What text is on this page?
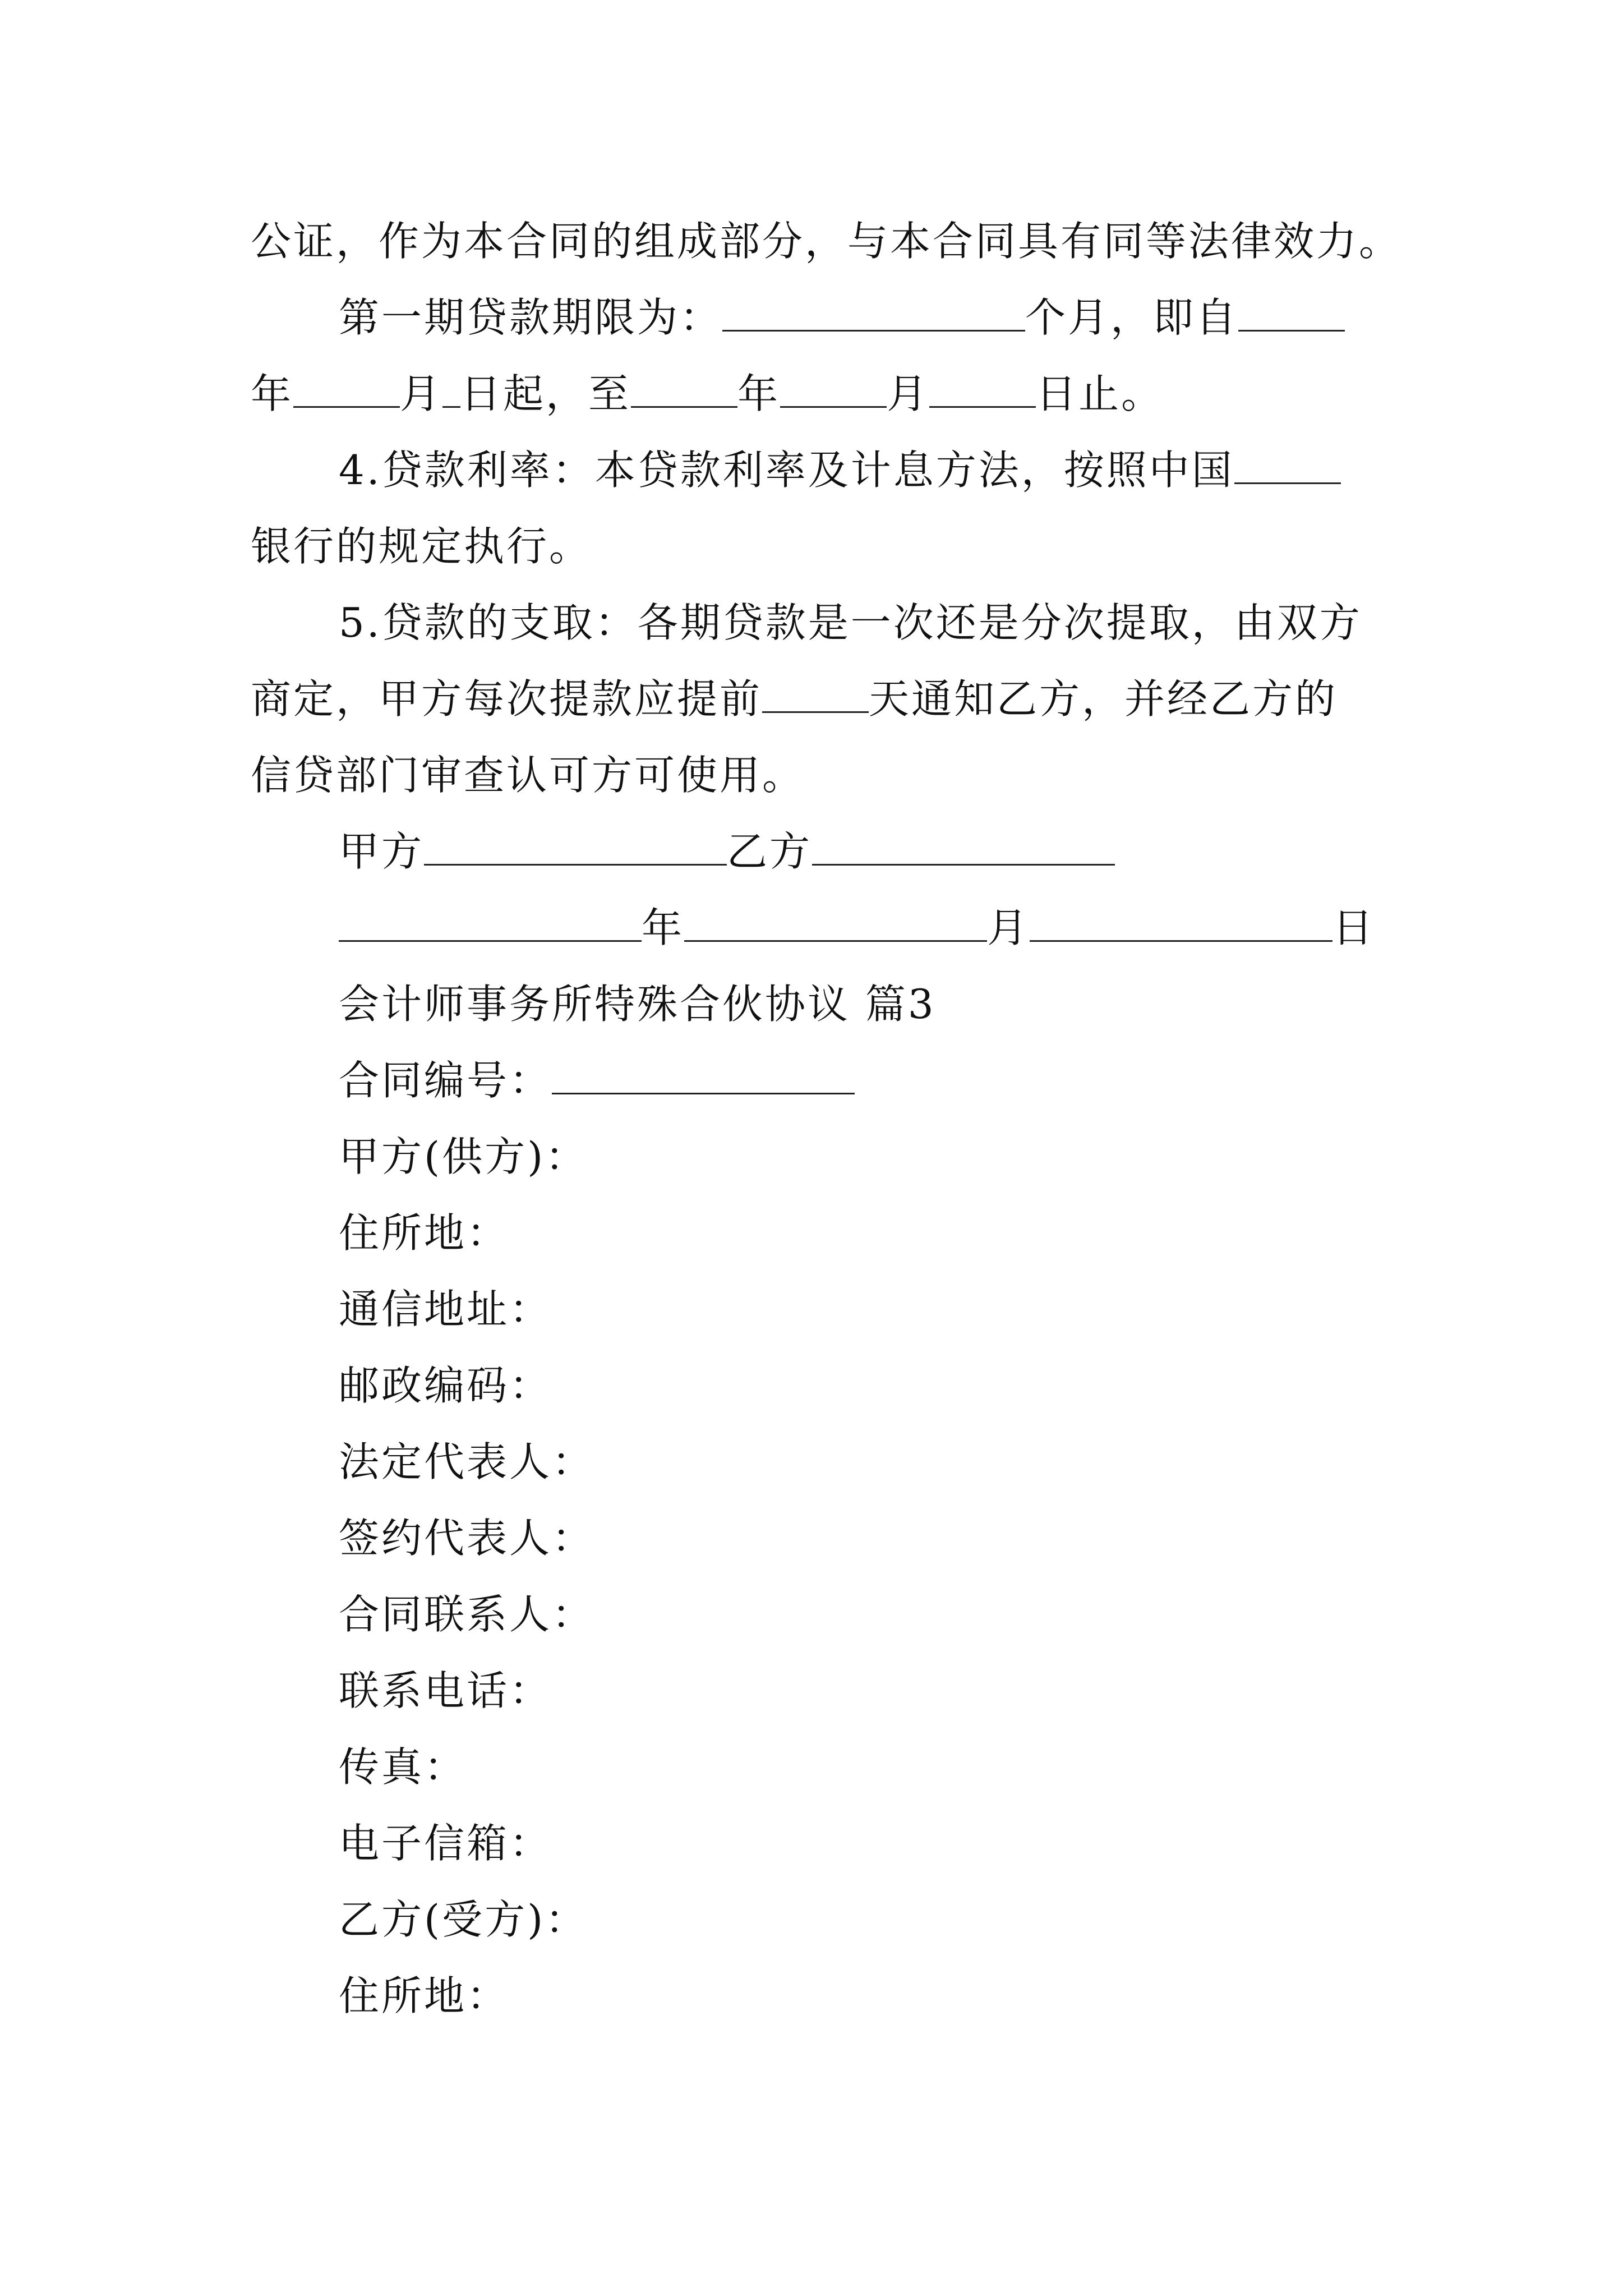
公证，作为本合同的组成部分，与本合同具有同等法律效力。
第一期贷款期限为：	个月，即自
年	月 日起，至	年	月	日止。
4.贷款利率：本贷款利率及计息方法，按照中国
银行的规定执行。
5.贷款的支取：各期贷款是一次还是分次提取，由双方
商定，甲方每次提款应提前	天通知乙方，并经乙方的
信贷部门审查认可方可使用。
甲方	乙方
年	月	日
会计师事务所特殊合伙协议 篇3
合同编号：
甲方(供方)：
住所地：
通信地址：
邮政编码：
法定代表人：
签约代表人：
合同联系人：
联系电话：
传真：
电子信箱：
乙方(受方)：
住所地：
